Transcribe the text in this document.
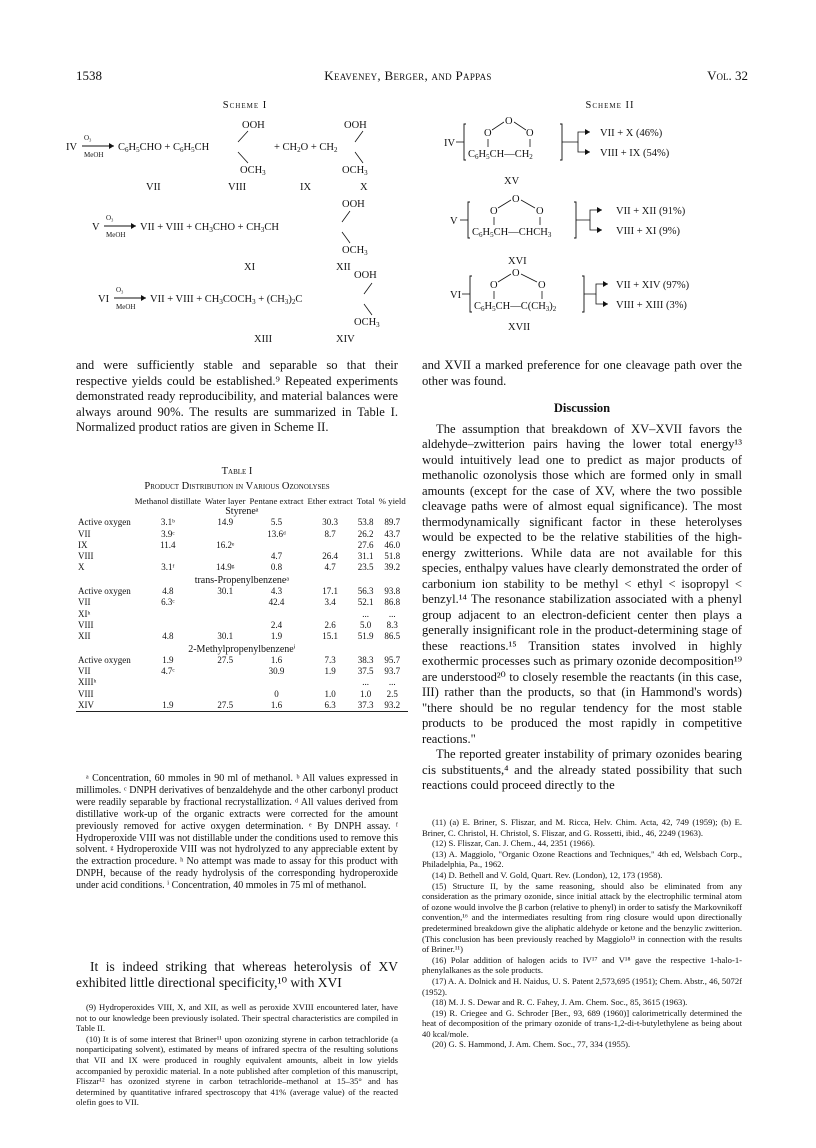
1538	Keaveney, Berger, and Pappas	Vol. 32
Scheme I
IV
O₃
MeOH
C6H5CHO + C6H5CH
OOH
OCH3
+ CH2O + CH2
OOH
OCH3
VII	VIII	IX	X
V
O₃
MeOH
VII + VIII + CH3CHO + CH3CH
OOH
OCH3
XI	XII
VI
O₃
MeOH
VII + VIII + CH3COCH3 + (CH3)2C
OOH
OCH3
XIII	XIV
Scheme II
IV
O
O
O
C6H5CH—CH2
VII + X (46%)
VIII + IX (54%)
XV
V
O
O
O
C6H5CH—CHCH3
VII + XII (91%)
VIII + XI (9%)
XVI
VI
O
O
O
C6H5CH—C(CH3)2
VII + XIV (97%)
VIII + XIII (3%)
XVII

and were sufficiently stable and separable so that their respective yields could be established.⁹ Repeated experiments demonstrated ready reproducibility, and material balances were always around 90%. The results are summarized in Table I. Normalized product ratios are given in Scheme II.

Table I
Product Distribution in Various Ozonolyses
	Methanol distillate	Water layer	Pentane extract	Ether extract	Total	% yield
Styreneᵃ						
Active oxygen	3.1ᵇ	14.9	5.5	30.3	53.8	89.7
VII	3.9ᶜ		13.6ᵈ	8.7	26.2	43.7
IX	11.4	16.2ᵉ			27.6	46.0
VIII			4.7	26.4	31.1	51.8
X	3.1ᶠ	14.9ᵍ	0.8	4.7	23.5	39.2
trans-Propenylbenzeneᵃ						
Active oxygen	4.8	30.1	4.3	17.1	56.3	93.8
VII	6.3ᶜ		42.4	3.4	52.1	86.8
XIʰ					...	...
VIII			2.4	2.6	5.0	8.3
XII	4.8	30.1	1.9	15.1	51.9	86.5
2-Methylpropenylbenzeneⁱ						
Active oxygen	1.9	27.5	1.6	7.3	38.3	95.7
VII	4.7ᶜ		30.9	1.9	37.5	93.7
XIIIʰ					...	...
VIII			0	1.0	1.0	2.5
XIV	1.9	27.5	1.6	6.3	37.3	93.2

ᵃ Concentration, 60 mmoles in 90 ml of methanol. ᵇ All values expressed in millimoles. ᶜ DNPH derivatives of benzaldehyde and the other carbonyl product were readily separable by fractional recrystallization. ᵈ All values derived from distillative work-up of the organic extracts were corrected for the amount previously removed for active oxygen determination. ᵉ By DNPH assay. ᶠ Hydroperoxide VIII was not distillable under the conditions used to remove this solvent. ᵍ Hydroperoxide VIII was not hydrolyzed to any appreciable extent by the extraction procedure. ʰ No attempt was made to assay for this product with DNPH, because of the ready hydrolysis of the corresponding hydroperoxide under acid conditions. ⁱ Concentration, 40 mmoles in 75 ml of methanol.

It is indeed striking that whereas heterolysis of XV exhibited little directional specificity,¹⁰ with XVI

(9) Hydroperoxides VIII, X, and XII, as well as peroxide XVIII encountered later, have not to our knowledge been previously isolated. Their spectral characteristics are compiled in Table II.

(10) It is of some interest that Briner¹¹ upon ozonizing styrene in carbon tetrachloride (a nonparticipating solvent), estimated by means of infrared spectra of the resulting solutions that VII and IX were produced in roughly equivalent amounts, albeit in low yields accompanied by peroxidic material. In a note published after completion of this manuscript, Fliszar¹² has ozonized styrene in carbon tetrachloride–methanol at 15–35° and has determined by quantitative infrared spectroscopy that 41% (average value) of the reacted olefin goes to VII.

and XVII a marked preference for one cleavage path over the other was found.

Discussion

The assumption that breakdown of XV–XVII favors the aldehyde–zwitterion pairs having the lower total energy¹³ would intuitively lead one to predict as major products of methanolic ozonolysis those which are formed only in small amounts (except for the case of XV, where the two possible cleavage paths were of almost equal significance). The most thermodynamically significant factor in these heterolyses would be expected to be the relative stabilities of the high-energy zwitterions. While data are not available for this species, enthalpy values have clearly demonstrated the order of carbonium ion stability to be methyl < ethyl < isopropyl < benzyl.¹⁴ The resonance stabilization associated with a phenyl group adjacent to an electron-deficient center then plays a generally insignificant role in the product-determining stage of these reactions.¹⁵ Transition states involved in highly exothermic processes such as primary ozonide decomposition¹⁹ are understood²⁰ to closely resemble the reactants (in this case, III) rather than the products, so that (in Hammond's words) "there should be no regular tendency for the most stable products to be produced the most rapidly in competitive reactions."

The reported greater instability of primary ozonides bearing cis substituents,⁴ and the already stated possibility that such reactions could proceed directly to the

(11) (a) E. Briner, S. Fliszar, and M. Ricca, Helv. Chim. Acta, 42, 749 (1959); (b) E. Briner, C. Christol, H. Christol, S. Fliszar, and G. Rossetti, ibid., 46, 2249 (1963).

(12) S. Fliszar, Can. J. Chem., 44, 2351 (1966).

(13) A. Maggiolo, "Organic Ozone Reactions and Techniques," 4th ed, Welsbach Corp., Philadelphia, Pa., 1962.

(14) D. Bethell and V. Gold, Quart. Rev. (London), 12, 173 (1958).

(15) Structure II, by the same reasoning, should also be eliminated from any consideration as the primary ozonide, since initial attack by the electrophilic terminal atom of ozone would involve the β carbon (relative to phenyl) in order to satisfy the Markovnikoff convention,¹⁶ and the intermediates resulting from ring closure would upon directionally predetermined breakdown give the aliphatic aldehyde or ketone and the benzylic zwitterion. (This conclusion has been previously reached by Maggiolo¹³ in connection with the results of Briner.¹¹)

(16) Polar addition of halogen acids to IV¹⁷ and V¹⁸ gave the respective 1-halo-1-phenylalkanes as the sole products.

(17) A. A. Dolnick and H. Naidus, U. S. Patent 2,573,695 (1951); Chem. Abstr., 46, 5072f (1952).

(18) M. J. S. Dewar and R. C. Fahey, J. Am. Chem. Soc., 85, 3615 (1963).

(19) R. Criegee and G. Schroder [Ber., 93, 689 (1960)] calorimetrically determined the heat of decomposition of the primary ozonide of trans-1,2-di-t-butylethylene as being about 40 kcal/mole.

(20) G. S. Hammond, J. Am. Chem. Soc., 77, 334 (1955).
